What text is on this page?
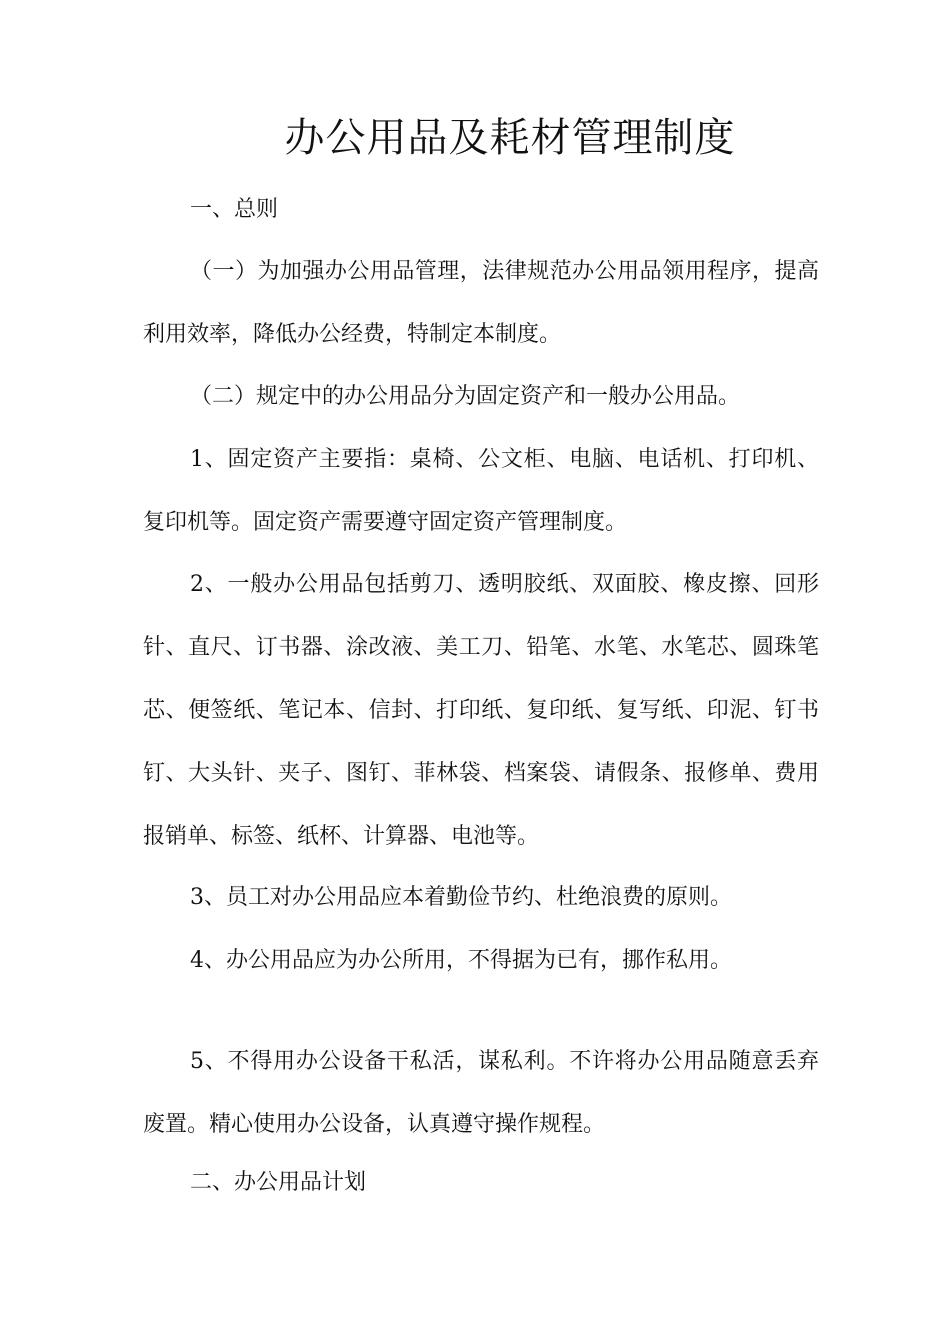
办公用品及耗材管理制度
一、总则

（一）为加强办公用品管理，法律规范办公用品领用程序，提高利用效率，降低办公经费，特制定本制度。

（二）规定中的办公用品分为固定资产和一般办公用品。

1、固定资产主要指：桌椅、公文柜、电脑、电话机、打印机、复印机等。固定资产需要遵守固定资产管理制度。

2、一般办公用品包括剪刀、透明胶纸、双面胶、橡皮擦、回形针、直尺、订书器、涂改液、美工刀、铅笔、水笔、水笔芯、圆珠笔芯、便签纸、笔记本、信封、打印纸、复印纸、复写纸、印泥、钉书钉、大头针、夹子、图钉、菲林袋、档案袋、请假条、报修单、费用报销单、标签、纸杯、计算器、电池等。

3、员工对办公用品应本着勤俭节约、杜绝浪费的原则。

4、办公用品应为办公所用，不得据为已有，挪作私用。

5、不得用办公设备干私活，谋私利。不许将办公用品随意丢弃废置。精心使用办公设备，认真遵守操作规程。

二、办公用品计划
